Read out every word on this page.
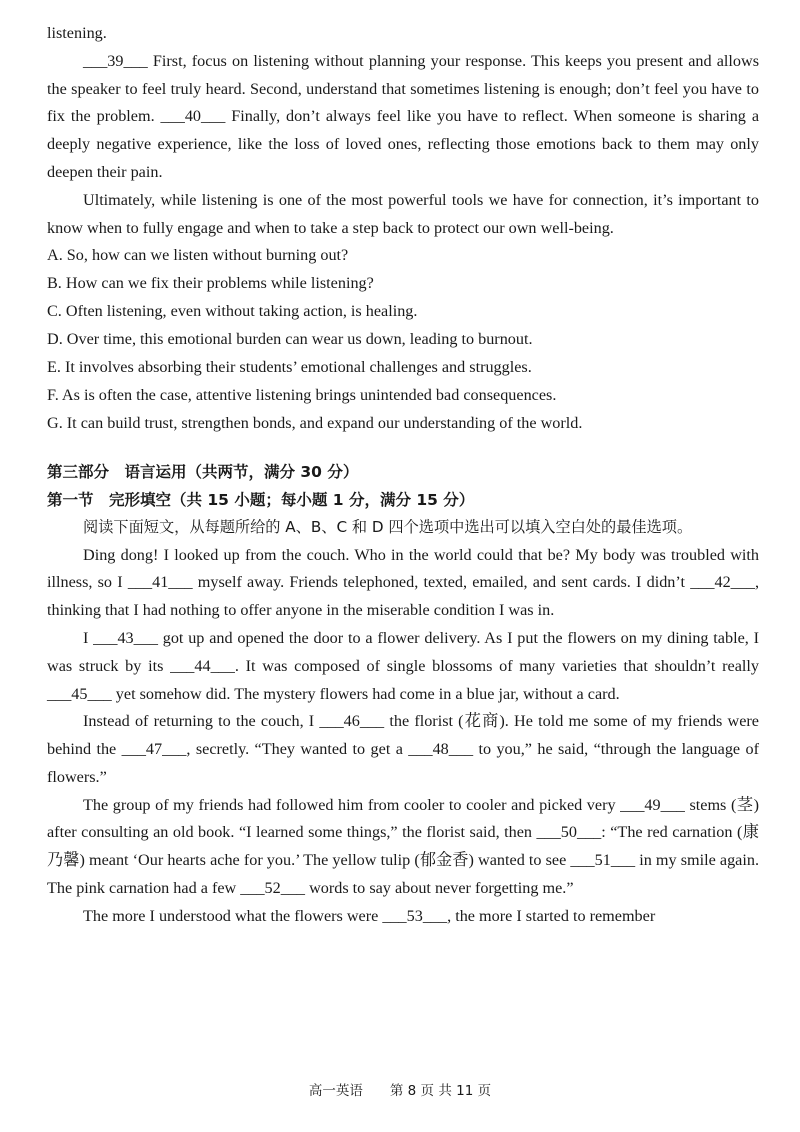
listening.

___39___ First, focus on listening without planning your response. This keeps you present and allows the speaker to feel truly heard. Second, understand that sometimes listening is enough; don’t feel you have to fix the problem. ___40___ Finally, don’t always feel like you have to reflect. When someone is sharing a deeply negative experience, like the loss of loved ones, reflecting those emotions back to them may only deepen their pain.

Ultimately, while listening is one of the most powerful tools we have for connection, it’s important to know when to fully engage and when to take a step back to protect our own well-being.

A. So, how can we listen without burning out?

B. How can we fix their problems while listening?

C. Often listening, even without taking action, is healing.

D. Over time, this emotional burden can wear us down, leading to burnout.

E. It involves absorbing their students’ emotional challenges and struggles.

F. As is often the case, attentive listening brings unintended bad consequences.

G. It can build trust, strengthen bonds, and expand our understanding of the world.

第三部分　语言运用（共两节，满分 30 分）

第一节　完形填空（共 15 小题；每小题 1 分，满分 15 分）

阅读下面短文，从每题所给的 A、B、C 和 D 四个选项中选出可以填入空白处的最佳选项。

Ding dong! I looked up from the couch. Who in the world could that be? My body was troubled with illness, so I ___41___ myself away. Friends telephoned, texted, emailed, and sent cards. I didn’t ___42___, thinking that I had nothing to offer anyone in the miserable condition I was in.

I ___43___ got up and opened the door to a flower delivery. As I put the flowers on my dining table, I was struck by its ___44___. It was composed of single blossoms of many varieties that shouldn’t really ___45___ yet somehow did. The mystery flowers had come in a blue jar, without a card.

Instead of returning to the couch, I ___46___ the florist (花商). He told me some of my friends were behind the ___47___, secretly. “They wanted to get a ___48___ to you,” he said, “through the language of flowers.”

The group of my friends had followed him from cooler to cooler and picked very ___49___ stems (茎) after consulting an old book. “I learned some things,” the florist said, then ___50___: “The red carnation (康乃馨) meant ‘Our hearts ache for you.’ The yellow tulip (郁金香) wanted to see ___51___ in my smile again. The pink carnation had a few ___52___ words to say about never forgetting me.”

The more I understood what the flowers were ___53___, the more I started to remember

高一英语　　第 8 页 共 11 页
